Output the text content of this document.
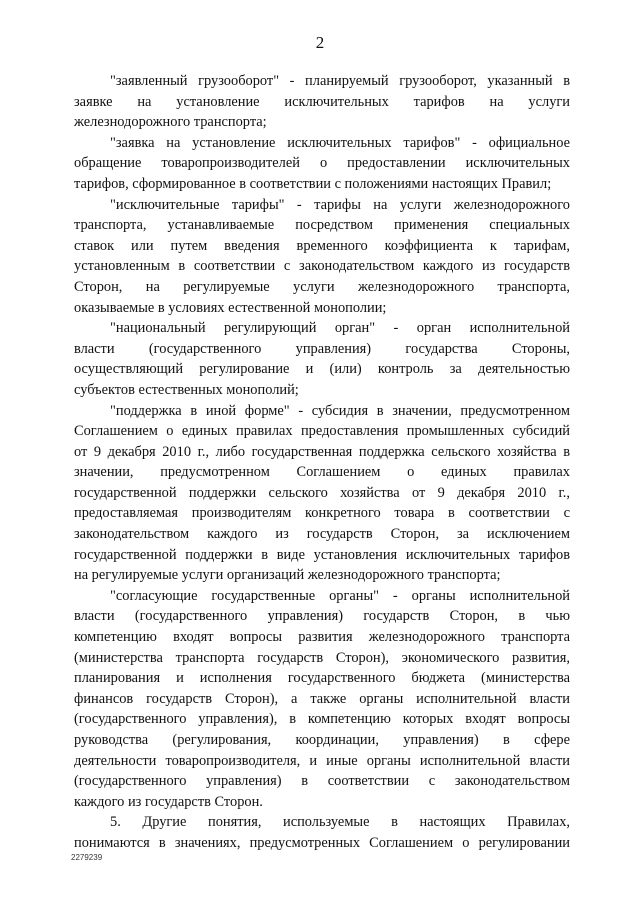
2
"заявленный грузооборот" - планируемый грузооборот, указанный в
заявке на установление исключительных тарифов на услуги
железнодорожного транспорта;
"заявка на установление исключительных тарифов" - официальное
обращение товаропроизводителей о предоставлении исключительных
тарифов, сформированное в соответствии с положениями настоящих Правил;
"исключительные тарифы" - тарифы на услуги железнодорожного
транспорта, устанавливаемые посредством применения специальных
ставок или путем введения временного коэффициента к тарифам,
установленным в соответствии с законодательством каждого из государств
Сторон, на регулируемые услуги железнодорожного транспорта,
оказываемые в условиях естественной монополии;
"национальный регулирующий орган" - орган исполнительной
власти (государственного управления) государства Стороны,
осуществляющий регулирование и (или) контроль за деятельностью
субъектов естественных монополий;
"поддержка в иной форме" - субсидия в значении, предусмотренном
Соглашением о единых правилах предоставления промышленных субсидий
от 9 декабря 2010 г., либо государственная поддержка сельского хозяйства в
значении, предусмотренном Соглашением о единых правилах
государственной поддержки сельского хозяйства от 9 декабря 2010 г.,
предоставляемая производителям конкретного товара в соответствии с
законодательством каждого из государств Сторон, за исключением
государственной поддержки в виде установления исключительных тарифов
на регулируемые услуги организаций железнодорожного транспорта;
"согласующие государственные органы" - органы исполнительной
власти (государственного управления) государств Сторон, в чью
компетенцию входят вопросы развития железнодорожного транспорта
(министерства транспорта государств Сторон), экономического развития,
планирования и исполнения государственного бюджета (министерства
финансов государств Сторон), а также органы исполнительной власти
(государственного управления), в компетенцию которых входят вопросы
руководства (регулирования, координации, управления) в сфере
деятельности товаропроизводителя, и иные органы исполнительной власти
(государственного управления) в соответствии с законодательством
каждого из государств Сторон.
5. Другие понятия, используемые в настоящих Правилах,
понимаются в значениях, предусмотренных Соглашением о регулировании
2279239
